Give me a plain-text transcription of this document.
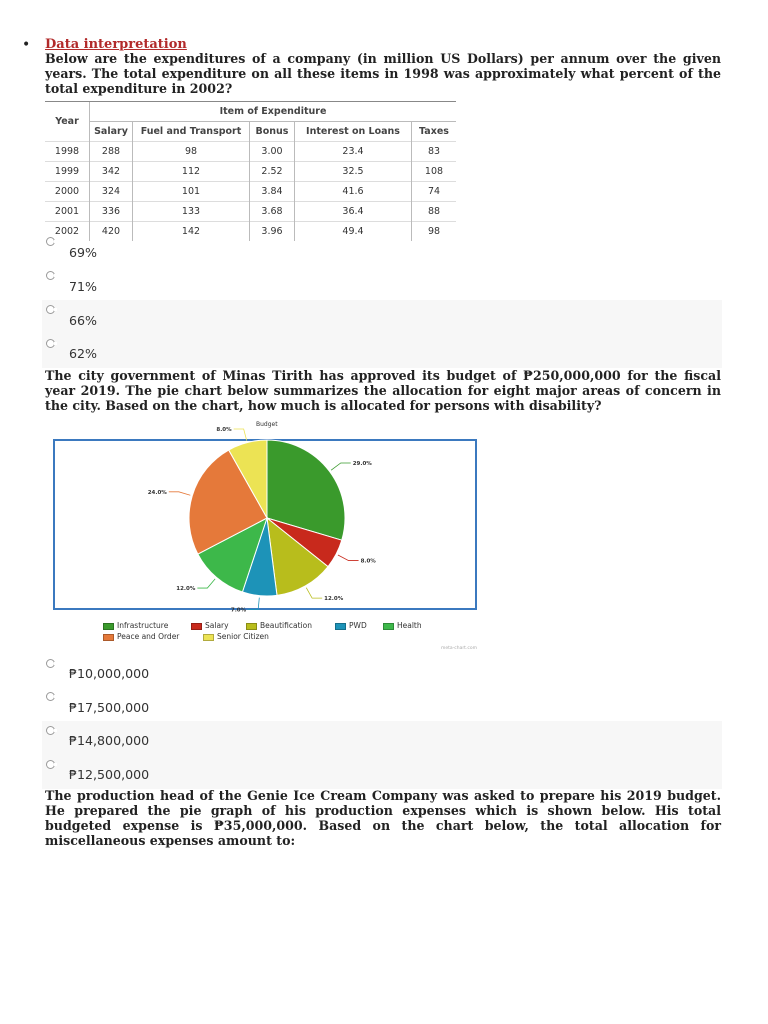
• Data interpretation
Below are the expenditures of a company (in million US Dollars) per annum over the given years. The total expenditure on all these items in 1998 was approximately what percent of the total expenditure in 2002?
Year	Item of Expenditure				
	Salary	Fuel and Transport	Bonus	Interest on Loans	Taxes
1998	288	98	3.00	23.4	83
1999	342	112	2.52	32.5	108
2000	324	101	3.84	41.6	74
2001	336	133	3.68	36.4	88
2002	420	142	3.96	49.4	98
69%
71%
66%
62%
The city government of Minas Tirith has approved its budget of ₱250,000,000 for the fiscal year 2019. The pie chart below summarizes the allocation for eight major areas of concern in the city. Based on the chart, how much is allocated for persons with disability?
Budget
29.0%
8.0%
12.0%
7.0%
12.0%
24.0%
8.0%
Infrastructure	Salary	Beautification	PWD	Health
Peace and Order	Senior Citizen
meta-chart.com
₱10,000,000
₱17,500,000
₱14,800,000
₱12,500,000
The production head of the Genie Ice Cream Company was asked to prepare his 2019 budget. He prepared the pie graph of his production expenses which is shown below. His total budgeted expense is ₱35,000,000. Based on the chart below, the total allocation for miscellaneous expenses amount to:
